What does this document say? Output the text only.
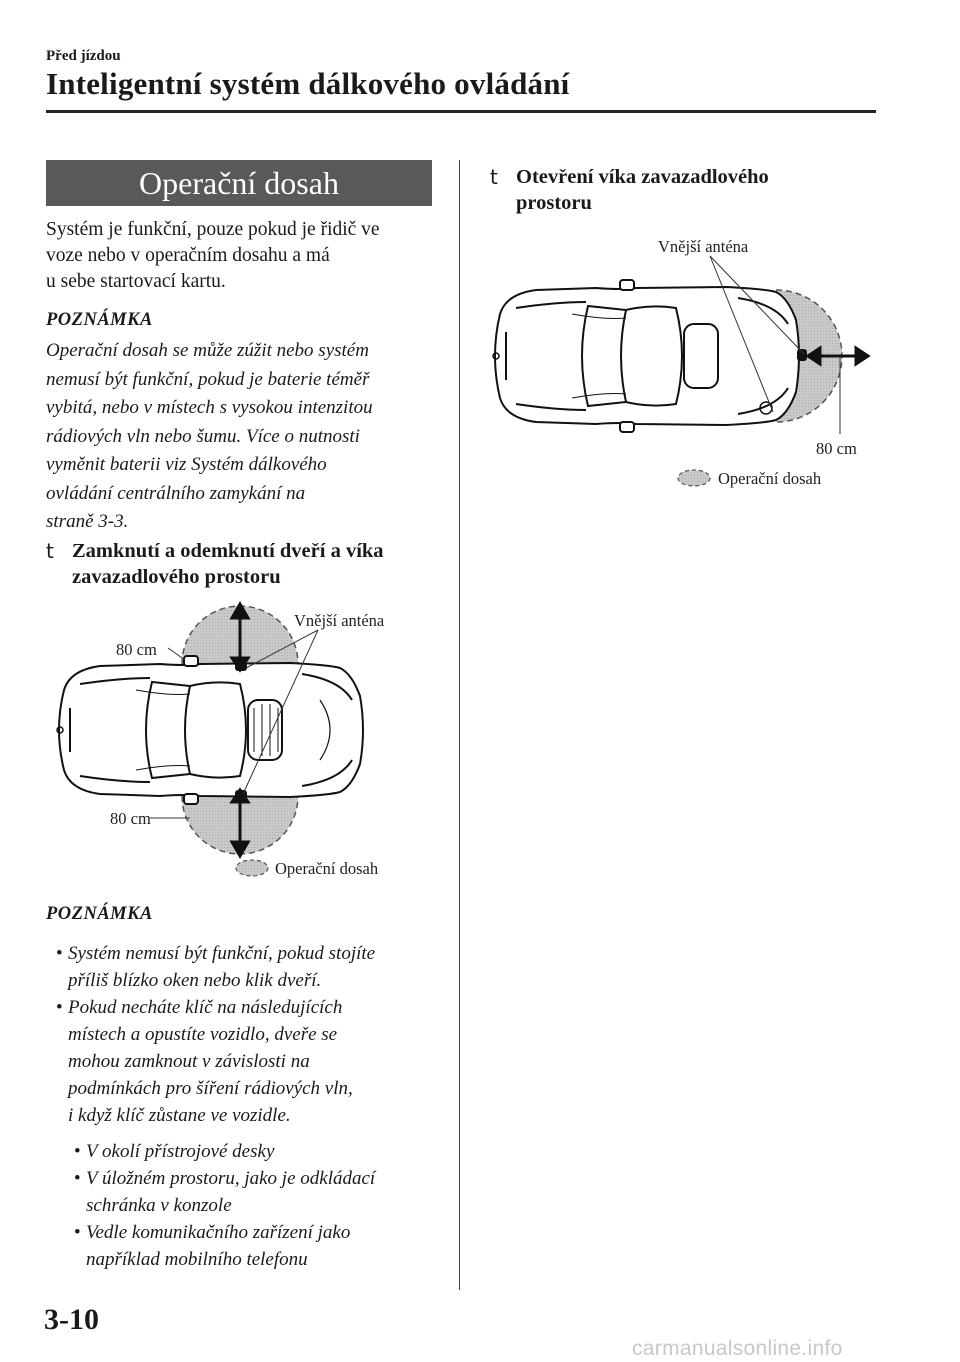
Před jízdou
Inteligentní systém dálkového ovládání
Operační dosah
Systém je funkční, pouze pokud je řidič ve
voze nebo v operačním dosahu a má
u sebe startovací kartu.
POZNÁMKA
Operační dosah se může zúžit nebo systém
nemusí být funkční, pokud je baterie téměř
vybitá, nebo v místech s vysokou intenzitou
rádiových vln nebo šumu. Více o nutnosti
vyměnit baterii viz Systém dálkového
ovládání centrálního zamykání na
straně 3-3.
t Zamknutí a odemknutí dveří a víka
zavazadlového prostoru
80 cm
80 cm
Vnější anténa
Operační dosah
POZNÁMKA
• Systém nemusí být funkční, pokud stojíte
příliš blízko oken nebo klik dveří.
• Pokud necháte klíč na následujících
místech a opustíte vozidlo, dveře se
mohou zamknout v závislosti na
podmínkách pro šíření rádiových vln,
i když klíč zůstane ve vozidle.
• V okolí přístrojové desky
• V úložném prostoru, jako je odkládací
schránka v konzole
• Vedle komunikačního zařízení jako
například mobilního telefonu
t Otevření víka zavazadlového
prostoru
Vnější anténa
80 cm
Operační dosah
3-10
carmanualsonline.info
